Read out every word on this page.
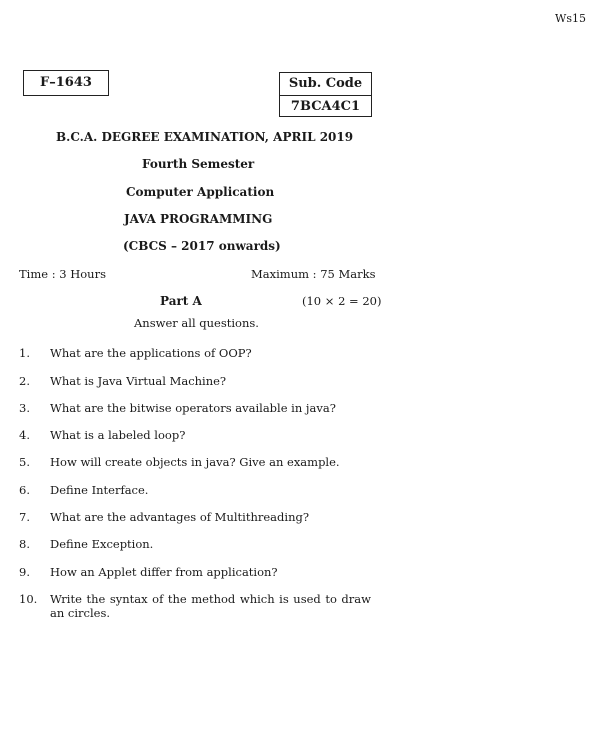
Ws15
F–1643	Sub. Code
7BCA4C1
B.C.A. DEGREE EXAMINATION, APRIL 2019
Fourth Semester
Computer Application
JAVA PROGRAMMING
(CBCS – 2017 onwards)
Time : 3 Hours	Maximum : 75 Marks
Part A	(10 × 2 = 20)
Answer all questions.
1. What are the applications of OOP?
2. What is Java Virtual Machine?
3. What are the bitwise operators available in java?
4. What is a labeled loop?
5. How will create objects in java? Give an example.
6. Define Interface.
7. What are the advantages of Multithreading?
8. Define Exception.
9. How an Applet differ from application?
10. Write the syntax of the method which is used to draw an circles.
